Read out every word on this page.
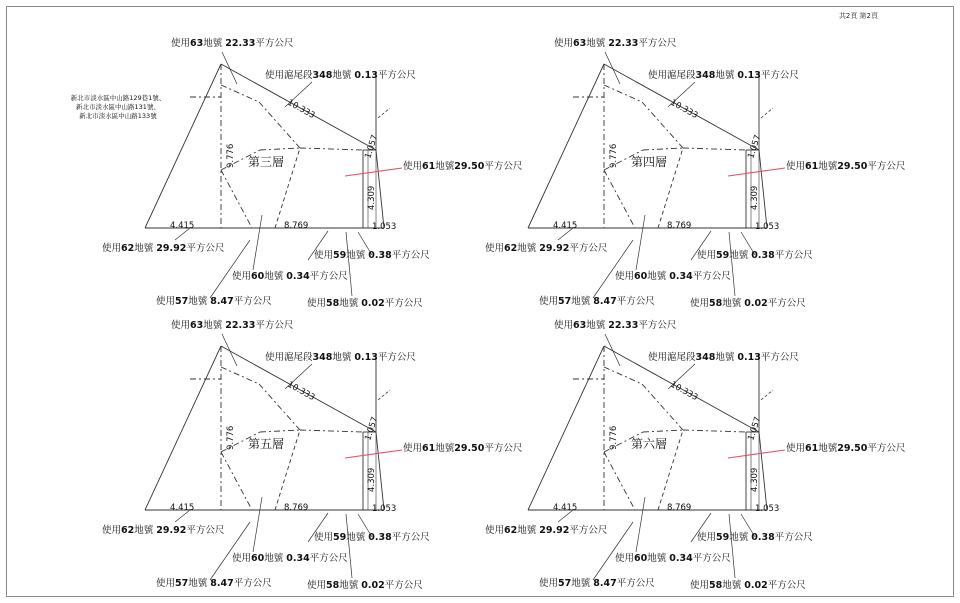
共2頁 第2頁
新北市淡水區中山路129巷1號、
新北市淡水區中山路131號、
新北市淡水區中山路133號	10.333
1.057
9.776
4.309
4.415	8.769	1.053
第三層
使用63地號 22.33平方公尺
使用滬尾段348地號 0.13平方公尺
使用61地號29.50平方公尺
使用62地號 29.92平方公尺
使用59地號 0.38平方公尺
使用60地號 0.34平方公尺
使用57地號 8.47平方公尺	使用58地號 0.02平方公尺
10.333
1.057
9.776
4.309
4.415	8.769	1.053
第四層
使用63地號 22.33平方公尺
使用滬尾段348地號 0.13平方公尺
使用61地號29.50平方公尺
使用62地號 29.92平方公尺
使用59地號 0.38平方公尺
使用60地號 0.34平方公尺
使用57地號 8.47平方公尺	使用58地號 0.02平方公尺
10.333
1.057
9.776
4.309
4.415	8.769	1.053
第五層
使用63地號 22.33平方公尺
使用滬尾段348地號 0.13平方公尺
使用61地號29.50平方公尺
使用62地號 29.92平方公尺
使用59地號 0.38平方公尺
使用60地號 0.34平方公尺
使用57地號 8.47平方公尺	使用58地號 0.02平方公尺
10.333
1.057
9.776
4.309
4.415	8.769	1.053
第六層
使用63地號 22.33平方公尺
使用滬尾段348地號 0.13平方公尺
使用61地號29.50平方公尺
使用62地號 29.92平方公尺
使用59地號 0.38平方公尺
使用60地號 0.34平方公尺
使用57地號 8.47平方公尺	使用58地號 0.02平方公尺
